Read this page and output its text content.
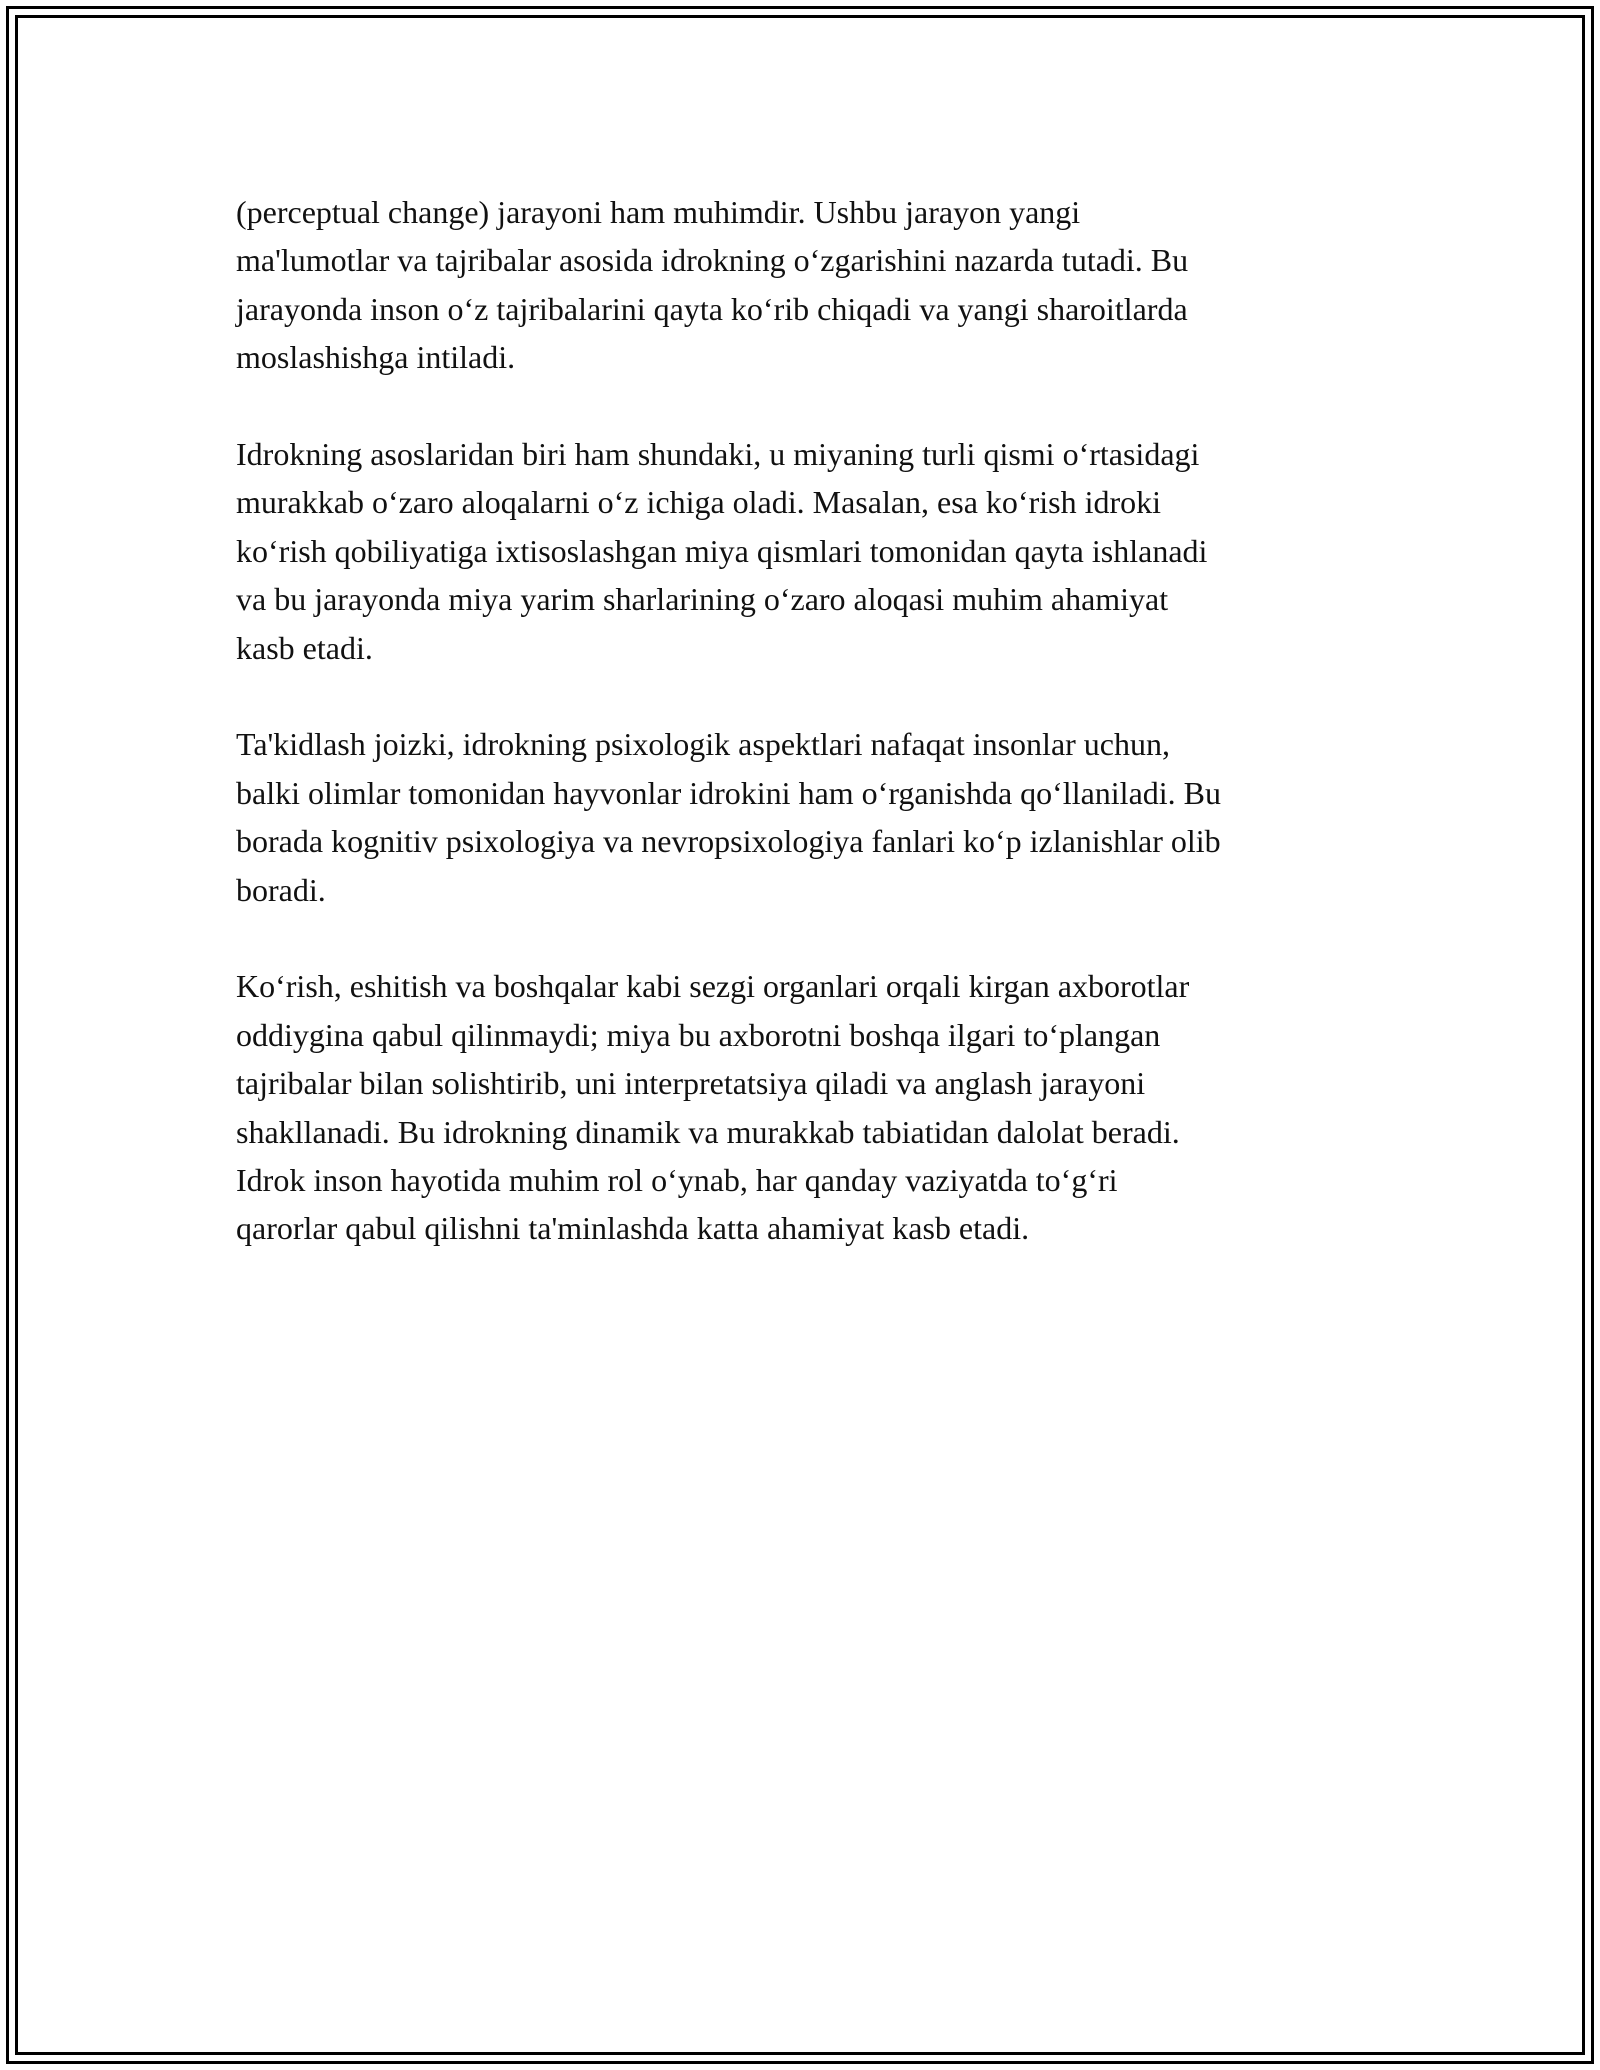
(perceptual change) jarayoni ham muhimdir. Ushbu jarayon yangi
ma'lumotlar va tajribalar asosida idrokning o‘zgarishini nazarda tutadi. Bu
jarayonda inson o‘z tajribalarini qayta ko‘rib chiqadi va yangi sharoitlarda
moslashishga intiladi.

Idrokning asoslaridan biri ham shundaki, u miyaning turli qismi o‘rtasidagi
murakkab o‘zaro aloqalarni o‘z ichiga oladi. Masalan, esa ko‘rish idroki
ko‘rish qobiliyatiga ixtisoslashgan miya qismlari tomonidan qayta ishlanadi
va bu jarayonda miya yarim sharlarining o‘zaro aloqasi muhim ahamiyat
kasb etadi.

Ta'kidlash joizki, idrokning psixologik aspektlari nafaqat insonlar uchun,
balki olimlar tomonidan hayvonlar idrokini ham o‘rganishda qo‘llaniladi. Bu
borada kognitiv psixologiya va nevropsixologiya fanlari ko‘p izlanishlar olib
boradi.

Ko‘rish, eshitish va boshqalar kabi sezgi organlari orqali kirgan axborotlar
oddiygina qabul qilinmaydi; miya bu axborotni boshqa ilgari to‘plangan
tajribalar bilan solishtirib, uni interpretatsiya qiladi va anglash jarayoni
shakllanadi. Bu idrokning dinamik va murakkab tabiatidan dalolat beradi.
Idrok inson hayotida muhim rol o‘ynab, har qanday vaziyatda to‘g‘ri
qarorlar qabul qilishni ta'minlashda katta ahamiyat kasb etadi.
